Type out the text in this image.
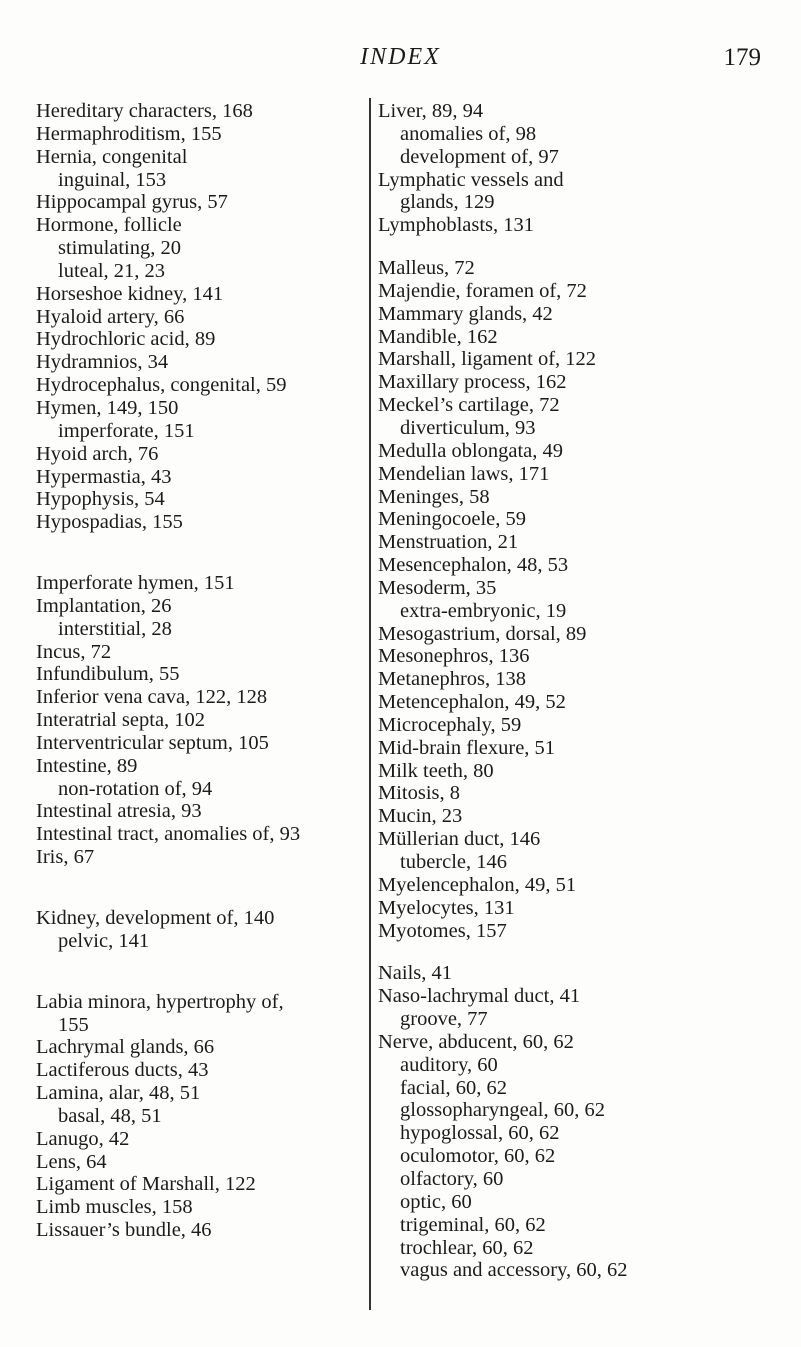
INDEX	179
Hereditary characters, 168
Hermaphroditism, 155
Hernia, congenital
inguinal, 153
Hippocampal gyrus, 57
Hormone, follicle
stimulating, 20
luteal, 21, 23
Horseshoe kidney, 141
Hyaloid artery, 66
Hydrochloric acid, 89
Hydramnios, 34
Hydrocephalus, congenital, 59
Hymen, 149, 150
imperforate, 151
Hyoid arch, 76
Hypermastia, 43
Hypophysis, 54
Hypospadias, 155
Imperforate hymen, 151
Implantation, 26
interstitial, 28
Incus, 72
Infundibulum, 55
Inferior vena cava, 122, 128
Interatrial septa, 102
Interventricular septum, 105
Intestine, 89
non-rotation of, 94
Intestinal atresia, 93
Intestinal tract, anomalies of, 93
Iris, 67
Kidney, development of, 140
pelvic, 141
Labia minora, hypertrophy of,
155
Lachrymal glands, 66
Lactiferous ducts, 43
Lamina, alar, 48, 51
basal, 48, 51
Lanugo, 42
Lens, 64
Ligament of Marshall, 122
Limb muscles, 158
Lissauer’s bundle, 46
Liver, 89, 94
anomalies of, 98
development of, 97
Lymphatic vessels and
glands, 129
Lymphoblasts, 131
Malleus, 72
Majendie, foramen of, 72
Mammary glands, 42
Mandible, 162
Marshall, ligament of, 122
Maxillary process, 162
Meckel’s cartilage, 72
diverticulum, 93
Medulla oblongata, 49
Mendelian laws, 171
Meninges, 58
Meningocoele, 59
Menstruation, 21
Mesencephalon, 48, 53
Mesoderm, 35
extra-embryonic, 19
Mesogastrium, dorsal, 89
Mesonephros, 136
Metanephros, 138
Metencephalon, 49, 52
Microcephaly, 59
Mid-brain flexure, 51
Milk teeth, 80
Mitosis, 8
Mucin, 23
Müllerian duct, 146
tubercle, 146
Myelencephalon, 49, 51
Myelocytes, 131
Myotomes, 157
Nails, 41
Naso-lachrymal duct, 41
groove, 77
Nerve, abducent, 60, 62
auditory, 60
facial, 60, 62
glossopharyngeal, 60, 62
hypoglossal, 60, 62
oculomotor, 60, 62
olfactory, 60
optic, 60
trigeminal, 60, 62
trochlear, 60, 62
vagus and accessory, 60, 62
